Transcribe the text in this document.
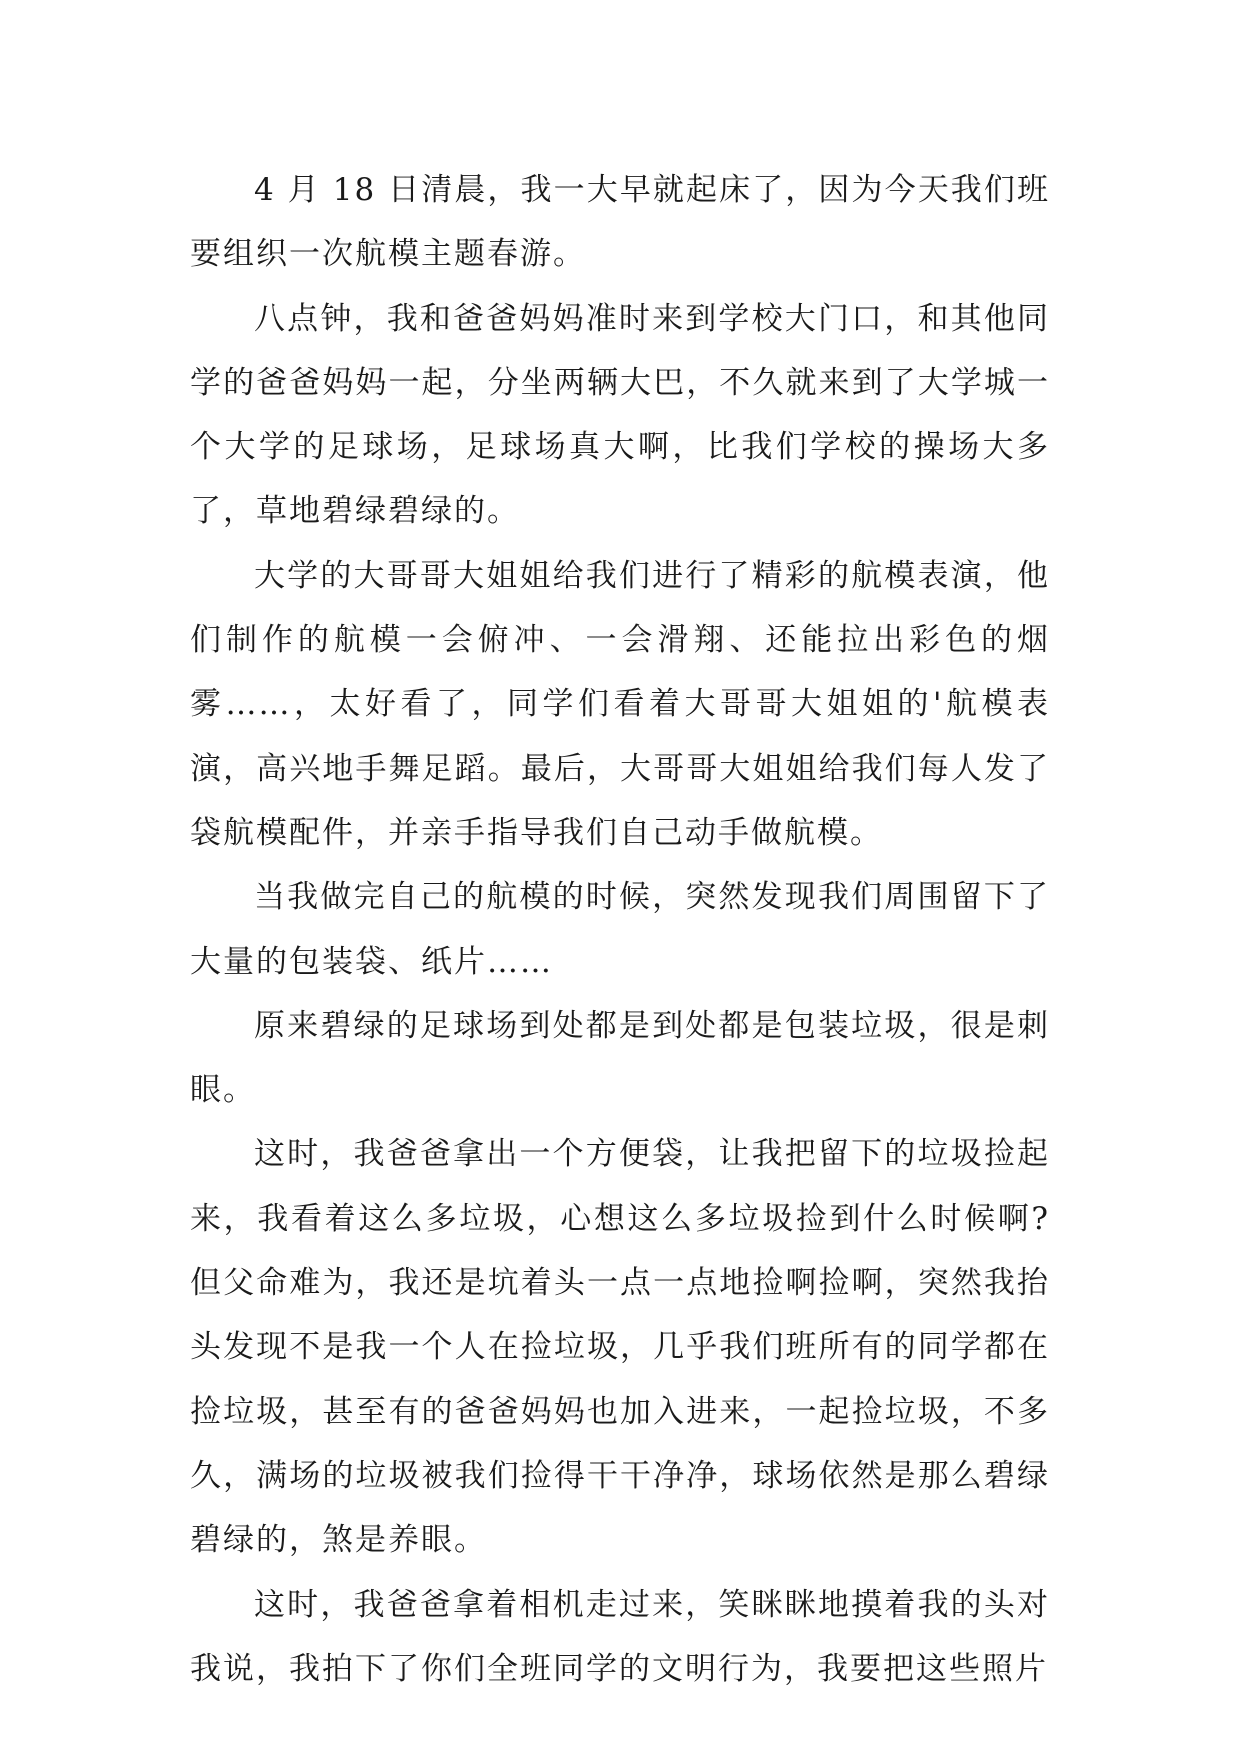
4 月 18 日清晨，我一大早就起床了，因为今天我们班要组织一次航模主题春游。

八点钟，我和爸爸妈妈准时来到学校大门口，和其他同学的爸爸妈妈一起，分坐两辆大巴，不久就来到了大学城一个大学的足球场，足球场真大啊，比我们学校的操场大多了，草地碧绿碧绿的。

大学的大哥哥大姐姐给我们进行了精彩的航模表演，他们制作的航模一会俯冲、一会滑翔、还能拉出彩色的烟雾……，太好看了，同学们看着大哥哥大姐姐的'航模表演，高兴地手舞足蹈。最后，大哥哥大姐姐给我们每人发了袋航模配件，并亲手指导我们自己动手做航模。

当我做完自己的航模的时候，突然发现我们周围留下了大量的包装袋、纸片……

原来碧绿的足球场到处都是到处都是包装垃圾，很是刺眼。

这时，我爸爸拿出一个方便袋，让我把留下的垃圾捡起来，我看着这么多垃圾，心想这么多垃圾捡到什么时候啊?但父命难为，我还是坑着头一点一点地捡啊捡啊，突然我抬头发现不是我一个人在捡垃圾，几乎我们班所有的同学都在捡垃圾，甚至有的爸爸妈妈也加入进来，一起捡垃圾，不多久，满场的垃圾被我们捡得干干净净，球场依然是那么碧绿碧绿的，煞是养眼。

这时，我爸爸拿着相机走过来，笑眯眯地摸着我的头对我说，我拍下了你们全班同学的文明行为，我要把这些照片
